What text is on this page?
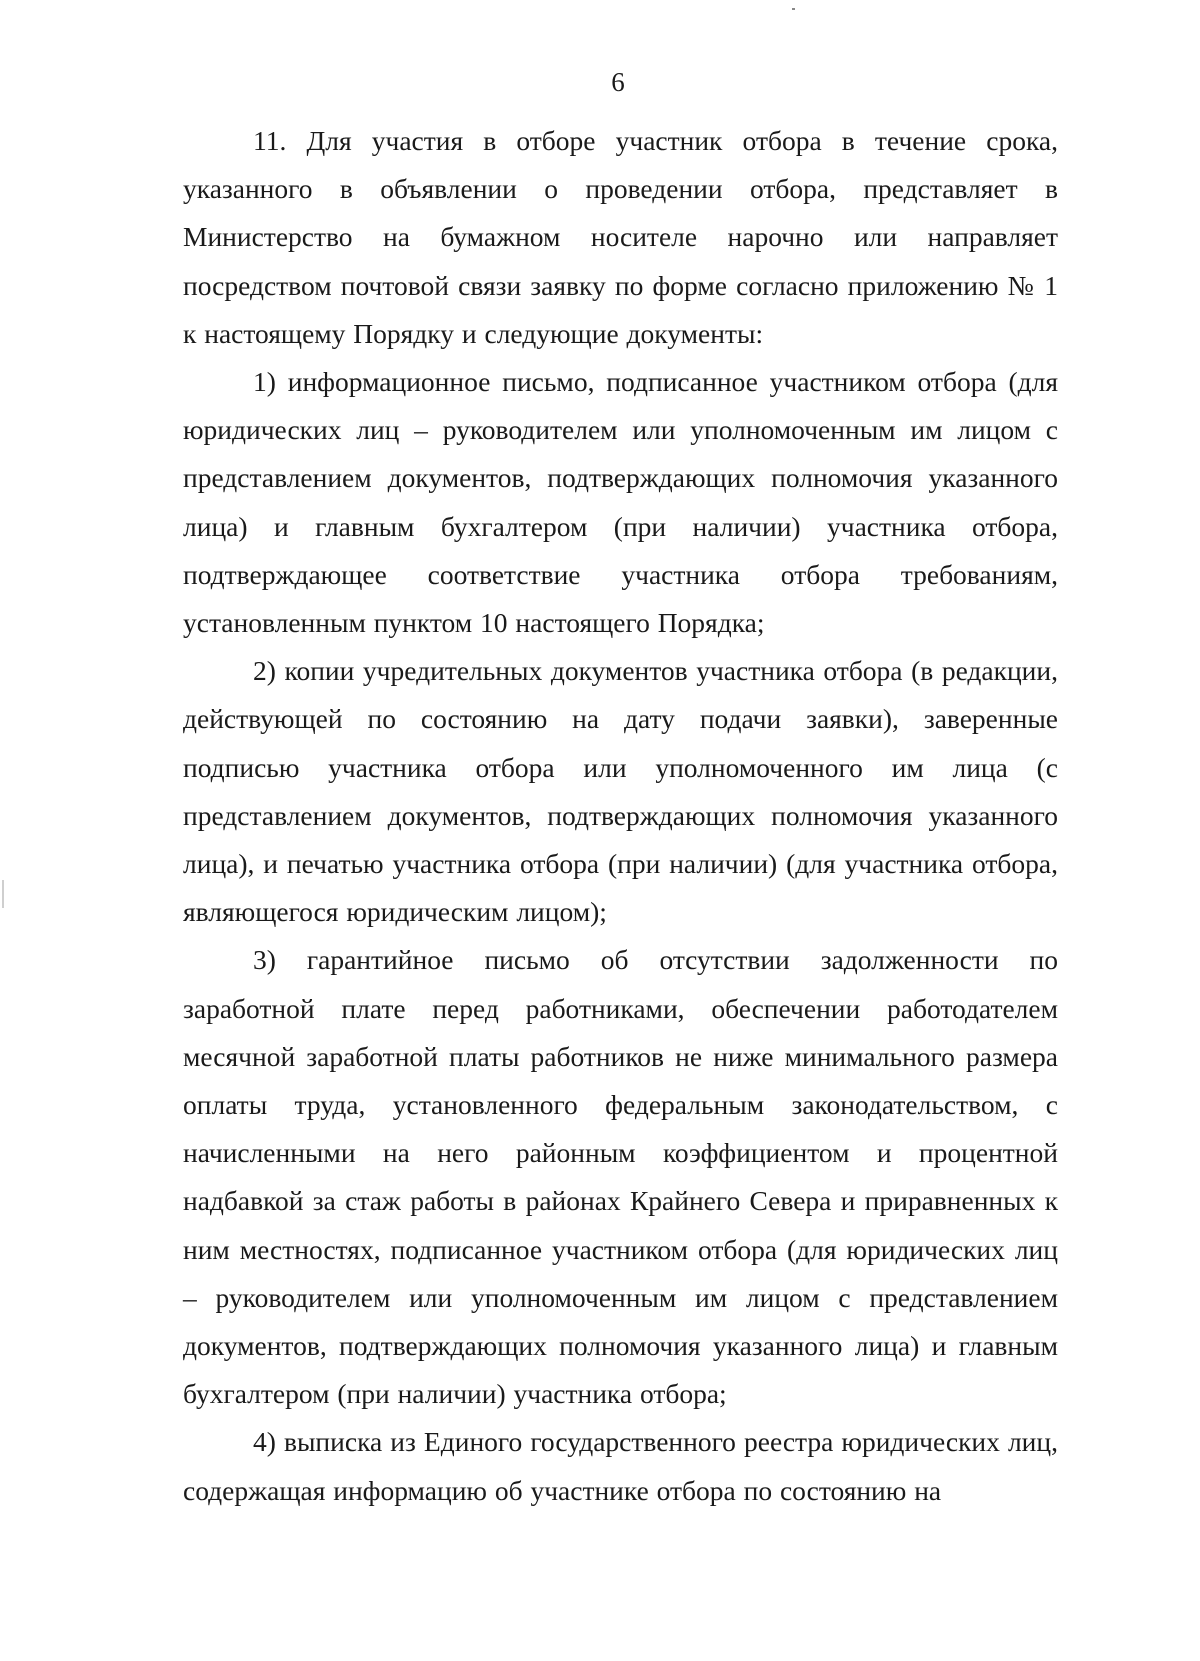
6

11. Для участия в отборе участник отбора в течение срока, указанного в объявлении о проведении отбора, представляет в Министерство на бумажном носителе нарочно или направляет посредством почтовой связи заявку по форме согласно приложению № 1 к настоящему Порядку и следующие документы:

1) информационное письмо, подписанное участником отбора (для юридических лиц – руководителем или уполномоченным им лицом с представлением документов, подтверждающих полномочия указанного лица) и главным бухгалтером (при наличии) участника отбора, подтверждающее соответствие участника отбора требованиям, установленным пунктом 10 настоящего Порядка;

2) копии учредительных документов участника отбора (в редакции, действующей по состоянию на дату подачи заявки), заверенные подписью участника отбора или уполномоченного им лица (с представлением документов, подтверждающих полномочия указанного лица), и печатью участника отбора (при наличии) (для участника отбора, являющегося юридическим лицом);

3) гарантийное письмо об отсутствии задолженности по заработной плате перед работниками, обеспечении работодателем месячной заработной платы работников не ниже минимального размера оплаты труда, установленного федеральным законодательством, с начисленными на него районным коэффициентом и процентной надбавкой за стаж работы в районах Крайнего Севера и приравненных к ним местностях, подписанное участником отбора (для юридических лиц – руководителем или уполномоченным им лицом с представлением документов, подтверждающих полномочия указанного лица) и главным бухгалтером (при наличии) участника отбора;

4) выписка из Единого государственного реестра юридических лиц, содержащая информацию об участнике отбора по состоянию на
